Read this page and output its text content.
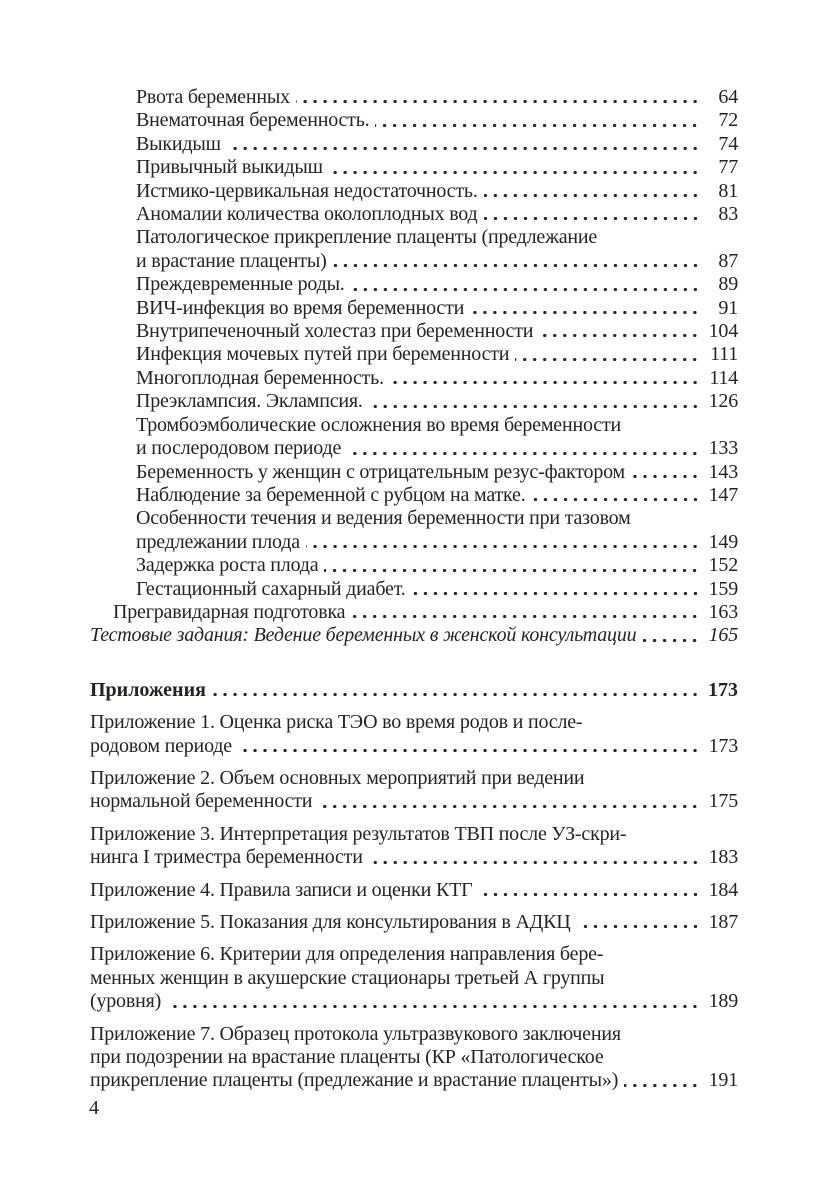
Рвота беременных
	64
Внематочная беременность.
	72
Выкидыш
	74
Привычный выкидыш
	77
Истмико-цервикальная недостаточность.
	81
Аномалии количества околоплодных вод
	83
Патологическое прикрепление плаценты (предлежание
и врастание плаценты)
	87
Преждевременные роды.
	89
ВИЧ-инфекция во время беременности
	91
Внутрипеченочный холестаз при беременности
	104
Инфекция мочевых путей при беременности
	111
Многоплодная беременность.
	114
Преэклампсия. Эклампсия.
	126
Тромбоэмболические осложнения во время беременности
и послеродовом периоде
	133
Беременность у женщин с отрицательным резус-фактором
	143
Наблюдение за беременной с рубцом на матке.
	147
Особенности течения и ведения беременности при тазовом
предлежании плода
	149
Задержка роста плода
	152
Гестационный сахарный диабет.
	159
Прегравидарная подготовка
	163
Тестовые задания: Ведение беременных в женской консультации
	165
Приложения
	173
Приложение 1. Оценка риска ТЭО во время родов и после-
родовом периоде
	173
Приложение 2. Объем основных мероприятий при ведении
нормальной беременности
	175
Приложение 3. Интерпретация результатов ТВП после УЗ-скри-
нинга I триместра беременности
	183
Приложение 4. Правила записи и оценки КТГ
	184
Приложение 5. Показания для консультирования в АДКЦ
	187
Приложение 6. Критерии для определения направления бере-
менных женщин в акушерские стационары третьей А группы
(уровня)
	189
Приложение 7. Образец протокола ультразвукового заключения
при подозрении на врастание плаценты (КР «Патологическое
прикрепление плаценты (предлежание и врастание плаценты»)
	191
4
